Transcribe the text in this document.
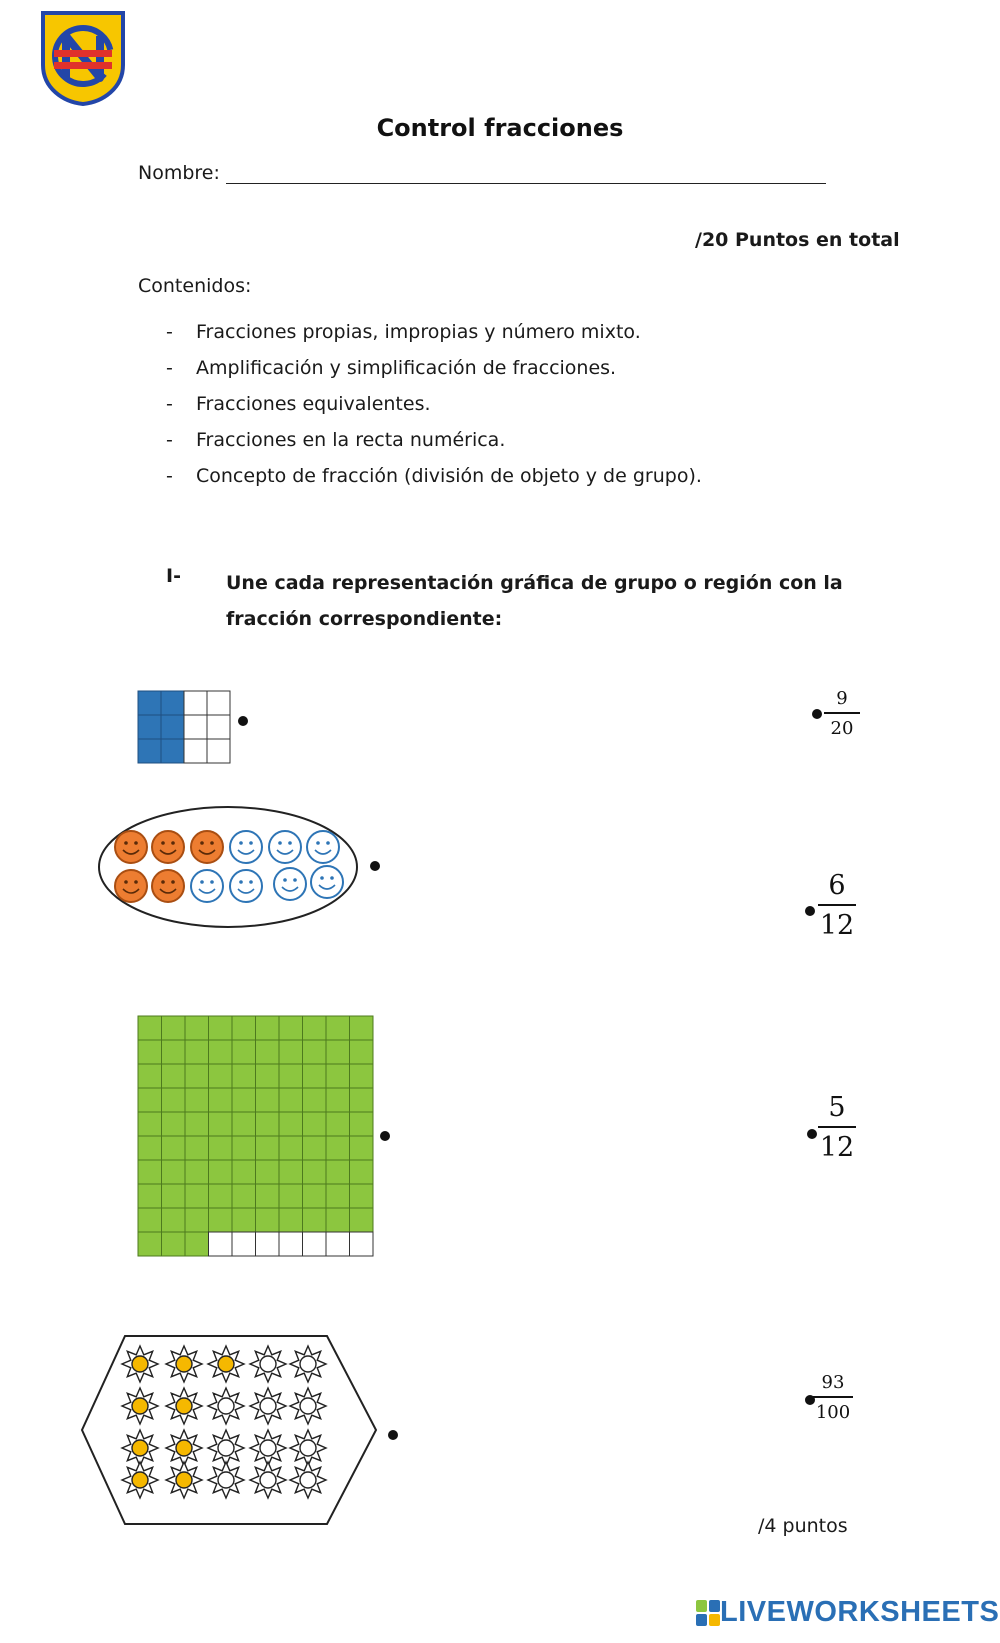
Control fracciones
Nombre:
/20 Puntos en total
Contenidos:
-	Fracciones propias, impropias y número mixto.
-	Amplificación y simplificación de fracciones.
-	Fracciones equivalentes.
-	Fracciones en la recta numérica.
-	Concepto de fracción (división de objeto y de grupo).
I- Une cada representación gráfica de grupo o región con la fracción correspondiente:
9
20
6
12
5
12
93
100
/4 puntos
LIVEWORKSHEETS
